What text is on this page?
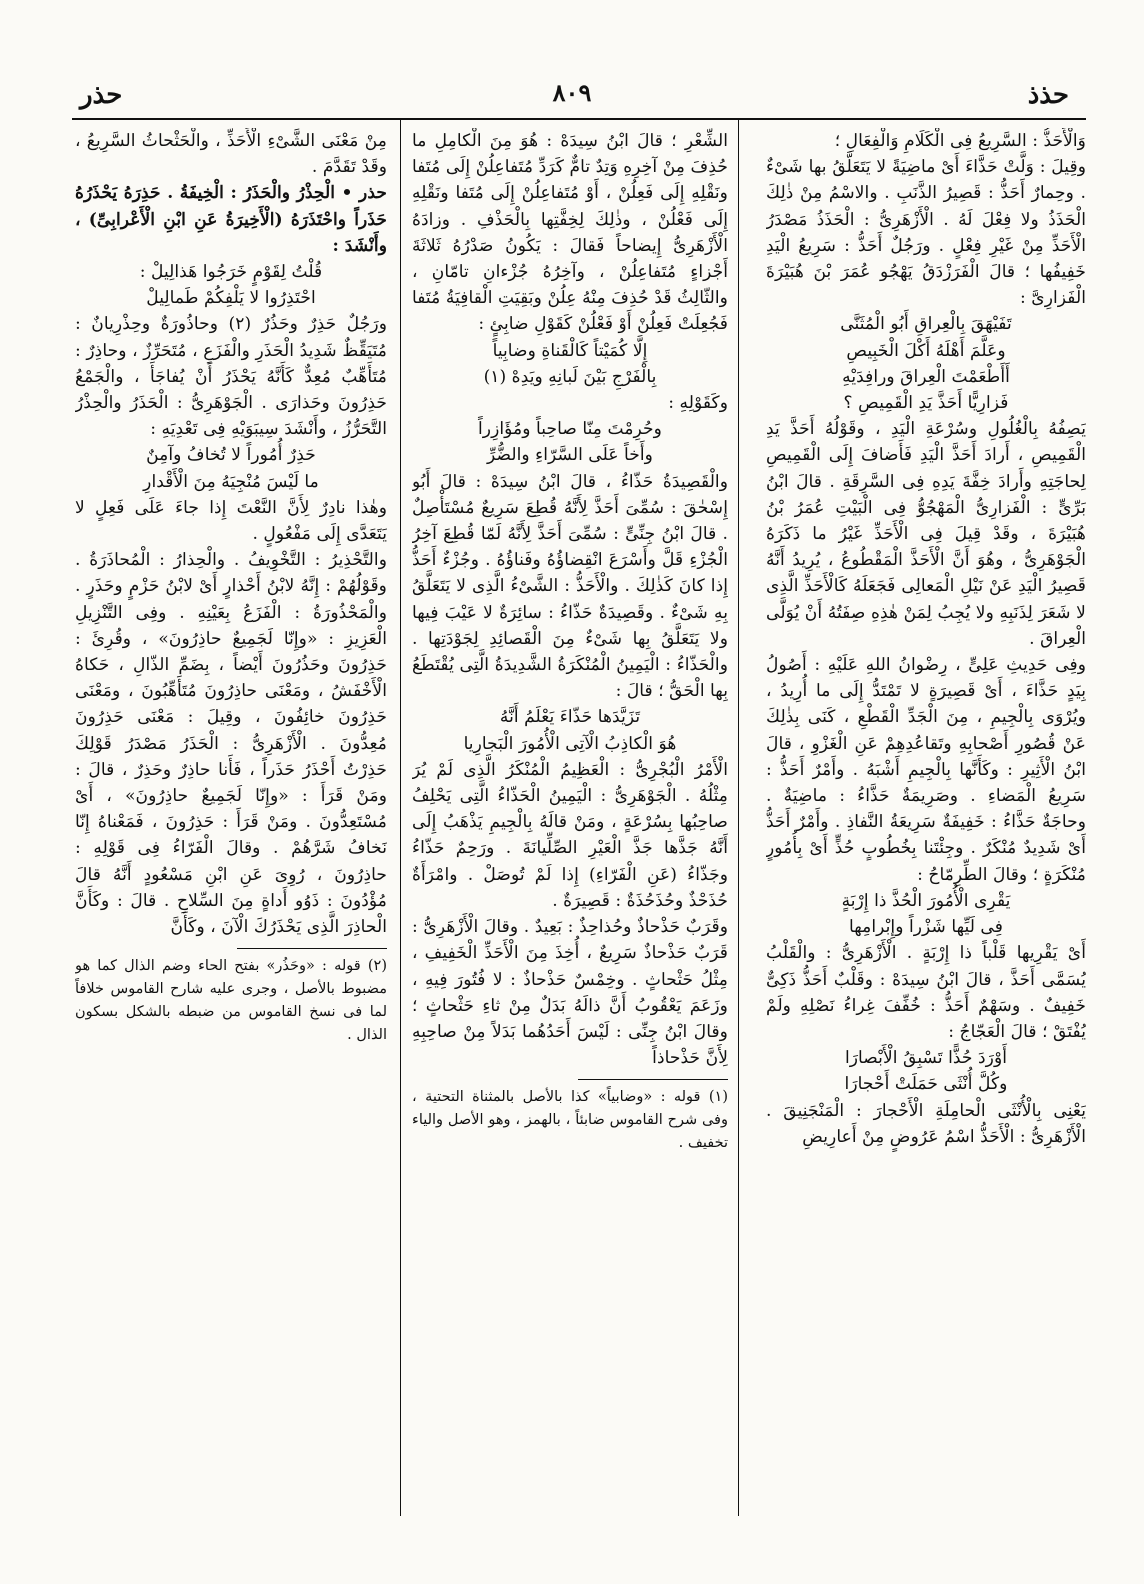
حذذ
٨٠٩
حذر

وَالْأَحَذُّ : السَّرِيعُ فِى الْكَلَامِ وَالْفِعَالِ ؛

وقِيلَ : وَلَّتْ حَذَّاءَ أَىْ ماضِيَةً لا يَتَعَلَّقُ بها شَىْءٌ . وحِمارٌ أَحَذُّ : قَصِيرُ الذَّنَبِ . والاسْمُ مِنْ ذٰلِكَ الْحَذَذُ ولا فِعْلَ لَهُ . الْأَزْهَرِىُّ : الْحَذَذُ مَصْدَرُ الْأَحَذِّ مِنْ غَيْرِ فِعْلٍ . ورَجُلٌ أَحَذُّ : سَرِيعُ الْيَدِ خَفِيفُها ؛ قالَ الْفَرَزْدَقُ يَهْجُو عُمَرَ بْنَ هُبَيْرَةَ الْفَزارِىَّ :

تَفَيْهَقَ بِالْعِراقِ أَبُو الْمُثَنَّى

وعَلَّمَ أَهْلَهُ أَكْلَ الْخَبِيصِ

أَأَطْعَمْتَ الْعِراقَ ورافِدَيْهِ

فَزارِيًّا أَحَذَّ يَدِ الْقَمِيصِ ؟

يَصِفُهُ بِالْغُلُولِ وسُرْعَةِ الْيَدِ ، وقَوْلُهُ أَحَذَّ يَدِ الْقَمِيصِ ، أَرادَ أَحَذَّ الْيَدِ فَأَضافَ إِلَى الْقَمِيصِ لِحاجَتِهِ وأَرادَ خِفَّةَ يَدِهِ فِى السَّرِقَةِ . قالَ ابْنُ بَرِّىٍّ : الْفَزارِىُّ الْمَهْجُوُّ فِى الْبَيْتِ عُمَرُ بْنُ هُبَيْرَةَ ، وقَدْ قِيلَ فِى الْأَحَذِّ غَيْرُ ما ذَكَرَهُ الْجَوْهَرِىُّ ، وهُوَ أَنَّ الْأَحَذَّ الْمَقْطُوعُ ، يُرِيدُ أَنَّهُ قَصِيرُ الْيَدِ عَنْ نَيْلِ الْمَعالِى فَجَعَلَهُ كَالْأَحَذِّ الَّذِى لا شَعَرَ لِذَنَبِهِ ولا يُجِبُ لِمَنْ هٰذِهِ صِفَتُهُ أَنْ يُوَلَّى الْعِراقَ .

وفِى حَدِيثِ عَلِىٍّ ، رِضْوانُ اللهِ عَلَيْهِ : أَصُولُ بِيَدٍ حَذَّاءَ ، أَىْ قَصِيرَةٍ لا تَمْتَدُّ إِلَى ما أُرِيدُ ، ويُرْوَى بِالْجِيمِ ، مِنَ الْجَدِّ الْقَطْعِ ، كَنَى بِذٰلِكَ عَنْ قُصُورِ أَصْحابِهِ وتَقاعُدِهِمْ عَنِ الْغَزْوِ ، قالَ ابْنُ الْأَثِيرِ : وكَأَنَّها بِالْجِيمِ أَشْبَهُ . وأَمْرٌ أَحَذُّ : سَرِيعُ الْمَضاءِ . وصَرِيمَةٌ حَذَّاءُ : ماضِيَةٌ . وحاجَةٌ حَذَّاءُ : خَفِيفَةٌ سَرِيعَةُ النَّفاذِ . وأَمْرٌ أَحَذُّ أَىْ شَدِيدٌ مُنْكَرٌ . وجِئْتَنا بِخُطُوبٍ حُذٍّ أَىْ بِأُمُورٍ مُنْكَرَةٍ ؛ وقالَ الطِّرِمّاحُ :

يَقْرِى الْأُمُورَ الْحُذَّ ذا إِرْبَةٍ

فِى لَيِّها شَزْراً وإِبْرامِها

أَىْ يَقْرِيها قَلْباً ذا إِرْبَةٍ . الْأَزْهَرِىُّ : والْقَلْبُ يُسَمَّى أَحَذَّ ، قالَ ابْنُ سِيدَهْ : وقَلْبٌ أَحَذُّ ذَكِىٌّ خَفِيفٌ . وسَهْمٌ أَحَذُّ : خُفِّفَ غِراءُ نَصْلِهِ ولَمْ يُفْتَقْ ؛ قالَ الْعَجّاجُ :

أَوْرَدَ حُذًّا تَسْبِقُ الْأَبْصارَا

وكُلَّ أُنْثَى حَمَلَتْ أَحْجارَا

يَعْنِى بِالْأُنْثَى الْحامِلَةِ الْأَحْجارَ : الْمَنْجَنِيقَ . الْأَزْهَرِىُّ : الْأَحَذُّ اسْمُ عَرُوضٍ مِنْ أَعارِيضِ

الشِّعْرِ ؛ قالَ ابْنُ سِيدَهْ : هُوَ مِنَ الْكامِلِ ما حُذِفَ مِنْ آخِرِهِ وَتِدٌ تامٌّ كَرَدِّ مُتَفاعِلُنْ إِلَى مُتَفا ونَقْلِهِ إِلَى فَعِلُنْ ، أَوْ مُتَفاعِلُنْ إِلَى مُتَفا ونَقْلِهِ إِلَى فَعْلُنْ ، وذٰلِكَ لِخِفَّتِها بِالْحَذْفِ . وزادَهُ الْأَزْهَرِىُّ إِيضاحاً فَقالَ : يَكُونُ صَدْرُهُ ثَلاثَةَ أَجْزاءٍ مُتَفاعِلُنْ ، وآخِرُهُ جُزْءانِ تامّانِ ، والثّالِثُ قَدْ حُذِفَ مِنْهُ عِلُنْ وبَقِيَتِ الْقافِيَةُ مُتَفا فَجُعِلَتْ فَعِلُنْ أَوْ فَعْلُنْ كَقَوْلِ ضابِئٍ :

إِلَّا كُمَيْتاً كَالْقَناةِ وضابِياً

بِالْفَرْجِ بَيْنَ لَبانِهِ ويَدِهْ (١)

وكَقَوْلِهِ :

وحُرِمْتَ مِنّا صاحِباً ومُؤَازِراً

وأَخاً عَلَى السَّرّاءِ والضُّرِّ

والْقَصِيدَةُ حَذّاءُ ، قالَ ابْنُ سِيدَهْ : قالَ أَبُو إِسْحٰقَ : سُمِّىَ أَحَذَّ لِأَنَّهُ قُطِعَ سَرِيعٌ مُسْتَأْصِلٌ . قالَ ابْنُ جِنِّىٍّ : سُمِّىَ أَحَذَّ لِأَنَّهُ لَمّا قُطِعَ آخِرُ الْجُزْءِ قَلَّ وأَسْرَعَ انْقِضاؤُهُ وفَناؤُهُ . وجُزْءٌ أَحَذُّ إِذا كانَ كَذٰلِكَ . والْأَحَذُّ : الشَّىْءُ الَّذِى لا يَتَعَلَّقُ بِهِ شَىْءٌ . وقَصِيدَةٌ حَذّاءُ : سائِرَةٌ لا عَيْبَ فِيها ولا يَتَعَلَّقُ بِها شَىْءٌ مِنَ الْقَصائِدِ لِجَوْدَتِها . والْحَذّاءُ : الْيَمِينُ الْمُنْكَرَةُ الشَّدِيدَةُ الَّتِى يُقْتَطَعُ بِها الْحَقُّ ؛ قالَ :

تَزَيَّدَها حَذّاءَ يَعْلَمُ أَنَّهُ

هُوَ الْكاذِبُ الْآتِى الْأُمُورَ الْبَجارِيا

الْأَمْرُ الْبُجْرِىُّ : الْعَظِيمُ الْمُنْكَرُ الَّذِى لَمْ يُرَ مِثْلُهُ . الْجَوْهَرِىُّ : الْيَمِينُ الْحَذّاءُ الَّتِى يَحْلِفُ صاحِبُها بِسُرْعَةٍ ، ومَنْ قالَهُ بِالْجِيمِ يَذْهَبُ إِلَى أَنَّهُ جَذَّها جَذَّ الْعَيْرِ الصِّلِّيانَةَ . ورَحِمٌ حَذّاءُ وجَذّاءُ (عَنِ الْفَرّاءِ) إِذا لَمْ تُوصَلْ . وامْرَأَةٌ حُذَحْذٌ وحُذَحُذَةٌ : قَصِيرَةٌ .

وقَرَبٌ حَذْحاذٌ وحُذاحِذٌ : بَعِيدٌ . وقالَ الْأَزْهَرِىُّ : قَرَبٌ حَذْحاذٌ سَرِيعٌ ، أُخِذَ مِنَ الْأَحَذِّ الْخَفِيفِ ، مِثْلُ حَثْحاثٍ . وخِمْسٌ حَذْحاذٌ : لا فُتُورَ فِيهِ ، وزَعَمَ يَعْقُوبُ أَنَّ ذالَهُ بَدَلٌ مِنْ ثاءِ حَثْحاثٍ ؛ وقالَ ابْنُ جِنِّى : لَيْسَ أَحَدُهُما بَدَلاً مِنْ صاحِبِهِ لِأَنَّ حَذْحاذاً

(١) قوله : «وضابياً» كذا بالأصل بالمثناة التحتية ، وفى شرح القاموس ضابئاً ، بالهمز ، وهو الأصل والياء تخفيف .

مِنْ مَعْنَى الشَّىْءِ الْأَحَذِّ ، والْحَثْحاثُ السَّرِيعُ ، وقَدْ تَقَدَّمَ .

حذر • الْحِذْرُ والْحَذَرُ : الْخِيفَةُ . حَذِرَهُ يَحْذَرُهُ حَذَراً واحْتَذَرَهُ (الْأَخِيرَةُ عَنِ ابْنِ الْأَعْرابِىِّ) ، وأَنْشَدَ :

قُلْتُ لِقَوْمٍ خَرَجُوا هَذالِيلْ :

احْتَذِرُوا لا يَلْفِكُمْ طَمالِيلْ

ورَجُلٌ حَذِرٌ وحَذُرٌ (٢) وحاذُورَةٌ وحِذْرِيانٌ : مُتَيَقِّظٌ شَدِيدُ الْحَذَرِ والْفَزَعِ ، مُتَحَرِّزٌ ، وحاذِرٌ : مُتَأَهِّبٌ مُعِدٌّ كَأَنَّهُ يَحْذَرُ أَنْ يُفاجَأَ ، والْجَمْعُ حَذِرُونَ وحَذارَى . الْجَوْهَرِىُّ : الْحَذَرُ والْحِذْرُ التَّحَرُّزُ ، وأَنْشَدَ سِيبَوَيْهِ فِى تَعْدِيَهِ :

حَذِرٌ أُمُوراً لا تُخافُ وآمِنٌ

ما لَيْسَ مُنْجِيَهُ مِنَ الْأَقْدارِ

وهٰذا نادِرٌ لِأَنَّ النَّعْتَ إِذا جاءَ عَلَى فَعِلٍ لا يَتَعَدَّى إِلَى مَفْعُولٍ .

والتَّحْذِيرُ : التَّخْوِيفُ . والْحِذارُ : الْمُحاذَرَةُ . وقَوْلُهُمْ : إِنَّهُ لابْنُ أَحْذارٍ أَىْ لابْنُ حَزْمٍ وحَذَرٍ . والْمَحْذُورَةُ : الْفَزَعُ بِعَيْنِهِ . وفِى التَّنْزِيلِ الْعَزِيزِ : «وإِنّا لَجَمِيعٌ حاذِرُونَ» ، وقُرِئَ : حَذِرُونَ وحَذُرُونَ أَيْضاً ، بِضَمِّ الذّالِ ، حَكاهُ الْأَخْفَشُ ، ومَعْنَى حاذِرُونَ مُتَأَهِّبُونَ ، ومَعْنَى حَذِرُونَ خائِفُونَ ، وقِيلَ : مَعْنَى حَذِرُونَ مُعِدُّونَ . الْأَزْهَرِىُّ : الْحَذَرُ مَصْدَرُ قَوْلِكَ حَذِرْتُ أَحْذَرُ حَذَراً ، فَأَنا حاذِرٌ وحَذِرٌ ، قالَ : ومَنْ قَرَأَ : «وإِنّا لَجَمِيعٌ حاذِرُونَ» ، أَىْ مُسْتَعِدُّونَ . ومَنْ قَرَأَ : حَذِرُونَ ، فَمَعْناهُ إِنّا نَخافُ شَرَّهُمْ . وقالَ الْفَرّاءُ فِى قَوْلِهِ : حاذِرُونَ ، رُوِىَ عَنِ ابْنِ مَسْعُودٍ أَنَّهُ قالَ مُؤْدُونَ : ذَوُو أَداةٍ مِنَ السِّلاحِ . قالَ : وكَأَنَّ الْحاذِرَ الَّذِى يَحْذَرُكَ الْآنَ ، وكَأَنَّ

(٢) قوله : «وحَذُر» بفتح الحاء وضم الذال كما هو مضبوط بالأصل ، وجرى عليه شارح القاموس خلافاً لما فى نسخ القاموس من ضبطه بالشكل بسكون الذال .
